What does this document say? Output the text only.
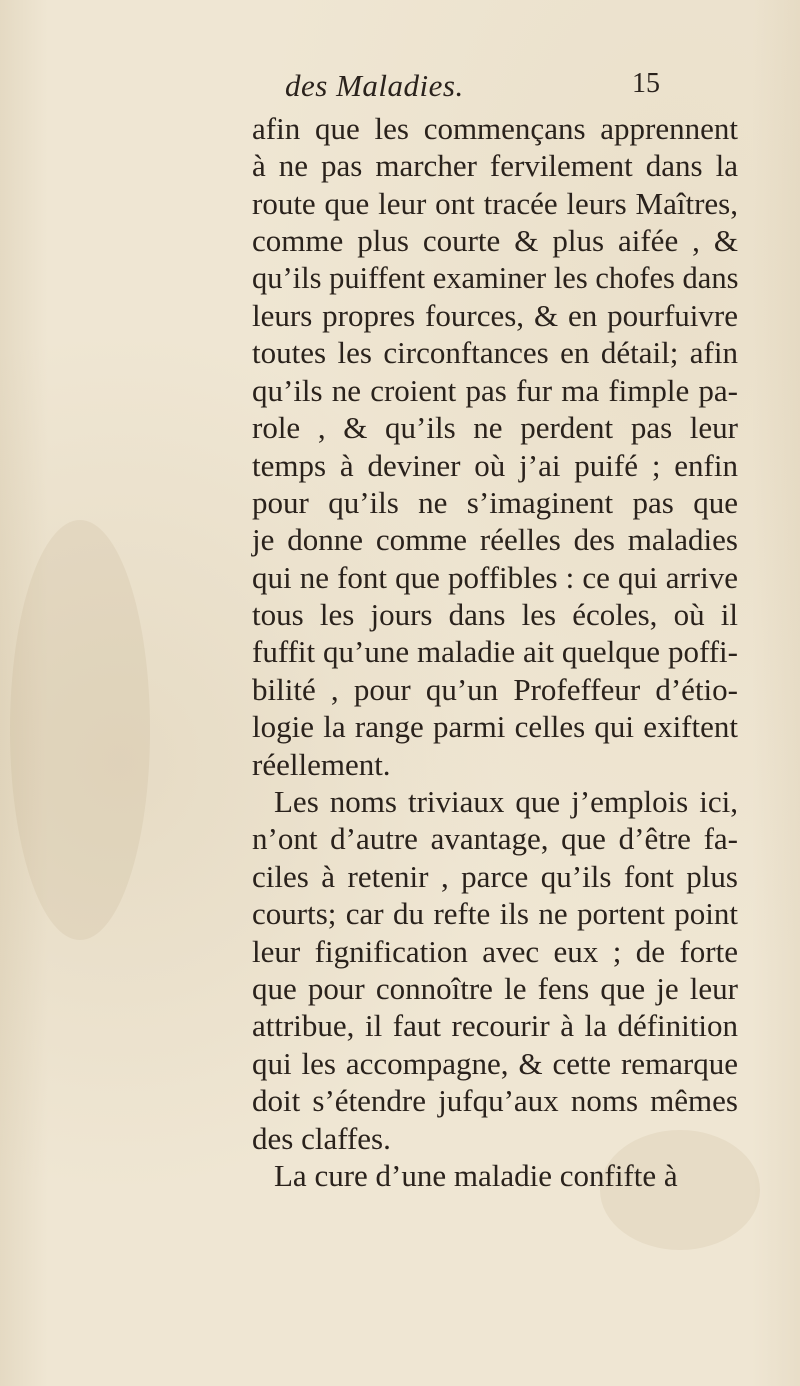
des Maladies.	15
afin que les commençans apprennent
à ne pas marcher fervilement dans la
route que leur ont tracée leurs Maîtres,
comme plus courte & plus aifée , &
qu’ils puiffent examiner les chofes dans
leurs propres fources, & en pourfuivre
toutes les circonftances en détail; afin
qu’ils ne croient pas fur ma fimple pa-
role , & qu’ils ne perdent pas leur
temps à deviner où j’ai puifé ; enfin
pour qu’ils ne s’imaginent pas que
je donne comme réelles des maladies
qui ne font que poffibles : ce qui arrive
tous les jours dans les écoles, où il
fuffit qu’une maladie ait quelque poffi-
bilité , pour qu’un Profeffeur d’étio-
logie la range parmi celles qui exiftent
réellement.
Les noms triviaux que j’emplois ici,
n’ont d’autre avantage, que d’être fa-
ciles à retenir , parce qu’ils font plus
courts; car du refte ils ne portent point
leur fignification avec eux ; de forte
que pour connoître le fens que je leur
attribue, il faut recourir à la définition
qui les accompagne, & cette remarque
doit s’étendre jufqu’aux noms mêmes
des claffes.
La cure d’une maladie confifte à
